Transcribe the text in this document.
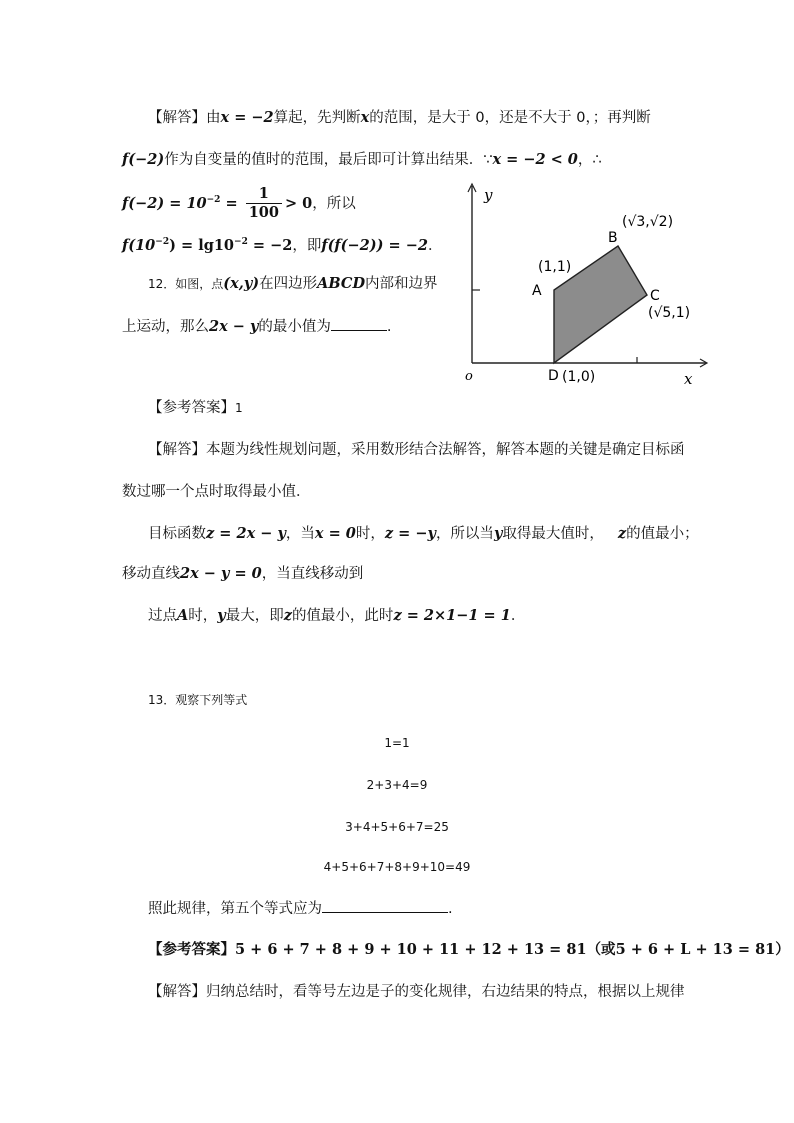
【解答】由x = −2算起，先判断x的范围，是大于 0，还是不大于 0，；再判断
f(−2)作为自变量的值时的范围，最后即可计算出结果．∵x = −2 < 0，∴
$f(-2) = 10^{-2} = \frac{1}{100} > 0$，所以
$f(10^{-2}) = \lg 10^{-2} = -2$，即f(f(−2)) = −2．
12．如图，点(x,y)在四边形ABCD内部和边界
上运动，那么2x − y的最小值为	.
y
x
o
A
B
C
D
(1,1)
(√3,√2)
(√5,1)
(1,0)
【参考答案】1
【解答】本题为线性规划问题，采用数形结合法解答，解答本题的关键是确定目标函
数过哪一个点时取得最小值．
目标函数z = 2x − y，当x = 0时，z = −y，所以当y取得最大值时， z的值最小；
移动直线2x − y = 0，当直线移动到
过点A时，y最大，即z的值最小，此时z = 2×1−1 = 1．
13．观察下列等式
1=1
2+3+4=9
3+4+5+6+7=25
4+5+6+7+8+9+10=49
照此规律，第五个等式应为	.
【参考答案】5 + 6 + 7 + 8 + 9 + 10 + 11 + 12 + 13 = 81（或5 + 6 + L + 13 = 81）
【解答】归纳总结时，看等号左边是子的变化规律，右边结果的特点，根据以上规律
